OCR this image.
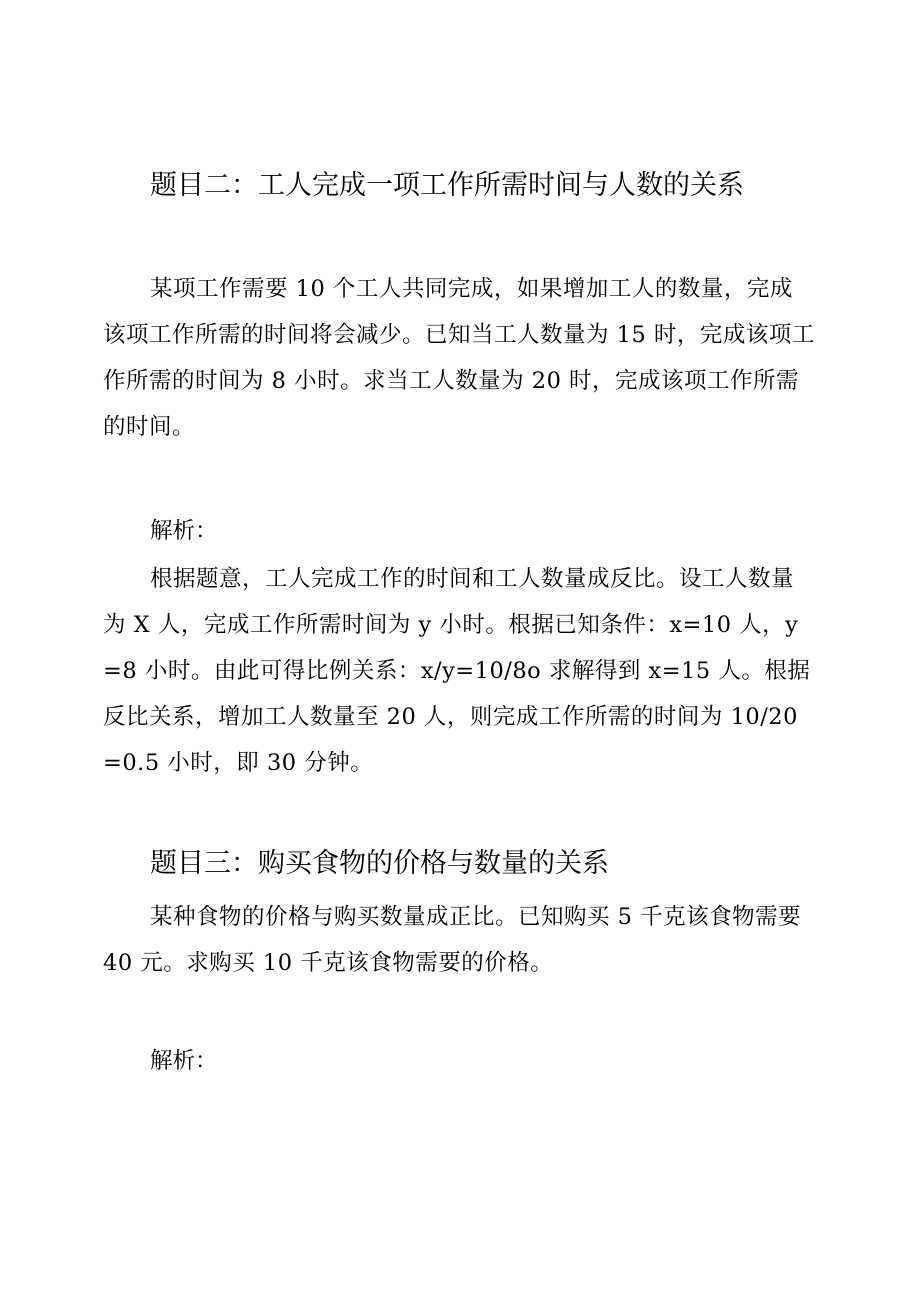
题目二：工人完成一项工作所需时间与人数的关系

某项工作需要 10 个工人共同完成，如果增加工人的数量，完成该项工作所需的时间将会减少。已知当工人数量为 15 时，完成该项工作所需的时间为 8 小时。求当工人数量为 20 时，完成该项工作所需的时间。

解析：

根据题意，工人完成工作的时间和工人数量成反比。设工人数量为 X 人，完成工作所需时间为 y 小时。根据已知条件：x=10 人，y=8 小时。由此可得比例关系：x/y=10/8o 求解得到 x=15 人。根据反比关系，增加工人数量至 20 人，则完成工作所需的时间为 10/20=0.5 小时，即 30 分钟。

题目三：购买食物的价格与数量的关系

某种食物的价格与购买数量成正比。已知购买 5 千克该食物需要 40 元。求购买 10 千克该食物需要的价格。

解析：
